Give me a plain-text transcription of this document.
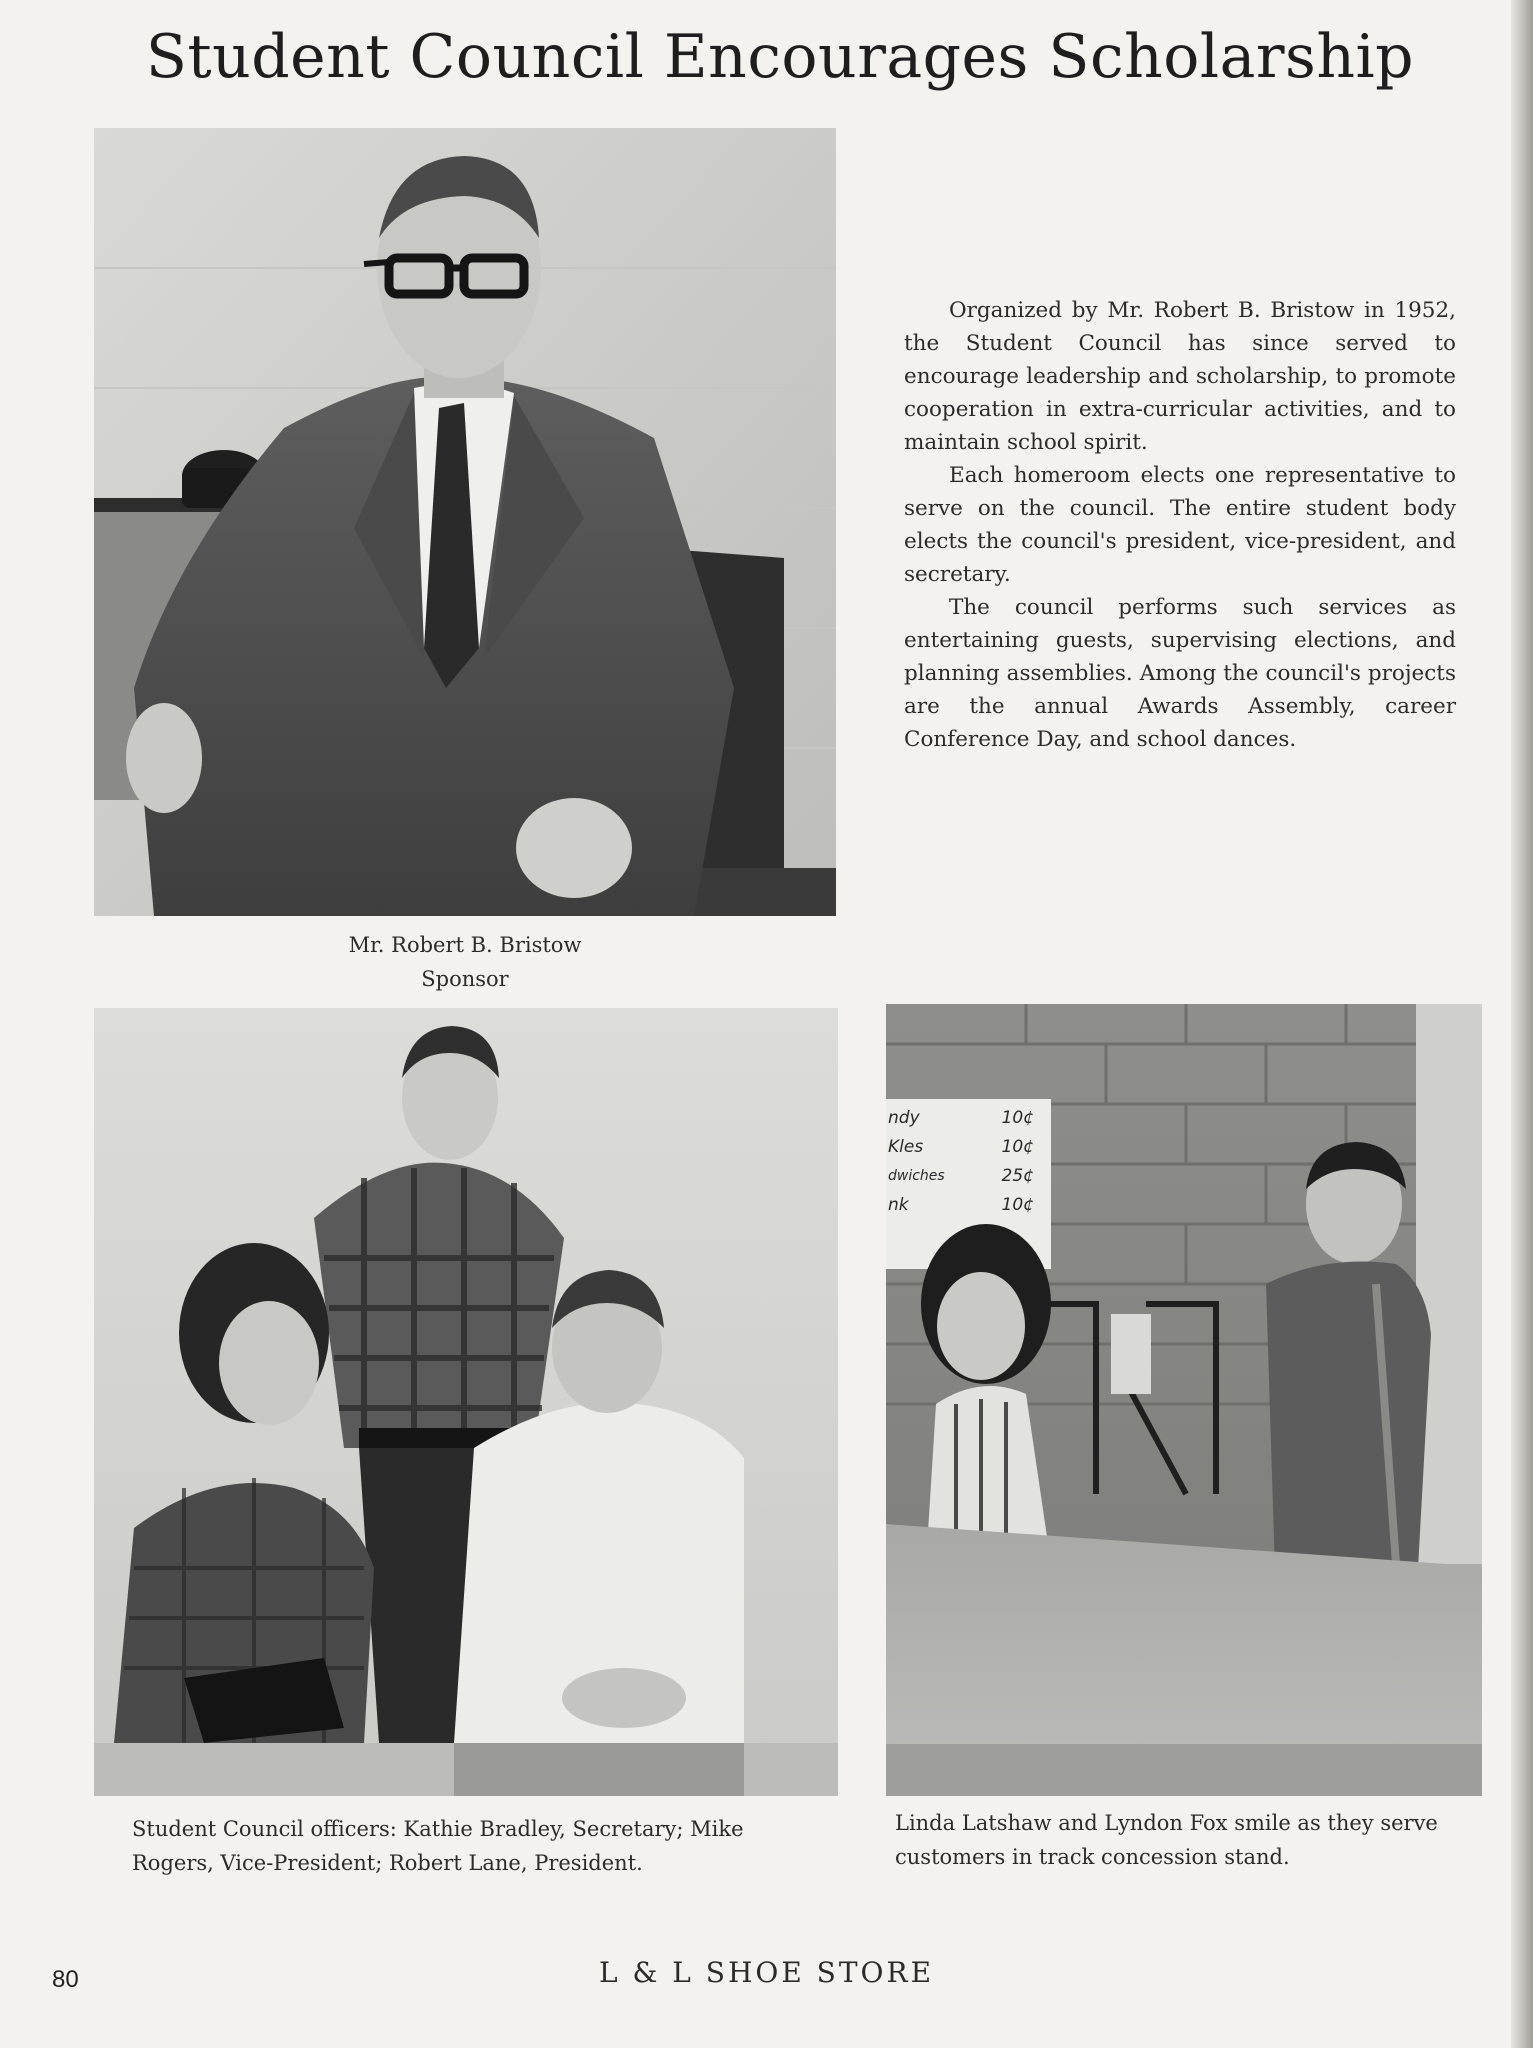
Student Council Encourages Scholarship
Mr. Robert B. Bristow
Sponsor

Organized by Mr. Robert B. Bristow in 1952, the Student Council has since served to encourage leadership and scholarship, to promote cooperation in extra-curricular activities, and to maintain school spirit.

Each homeroom elects one representative to serve on the council. The entire student body elects the council's president, vice-president, and secretary.

The council performs such services as entertaining guests, supervising elections, and planning assemblies. Among the council's projects are the annual Awards Assembly, career Conference Day, and school dances.

Student Council officers: Kathie Bradley, Secretary; Mike Rogers, Vice-President; Robert Lane, President.
ndy	10¢
Kles	10¢
dwiches	25¢
nk	10¢
Linda Latshaw and Lyndon Fox smile as they serve customers in track concession stand.
80	L & L SHOE STORE
